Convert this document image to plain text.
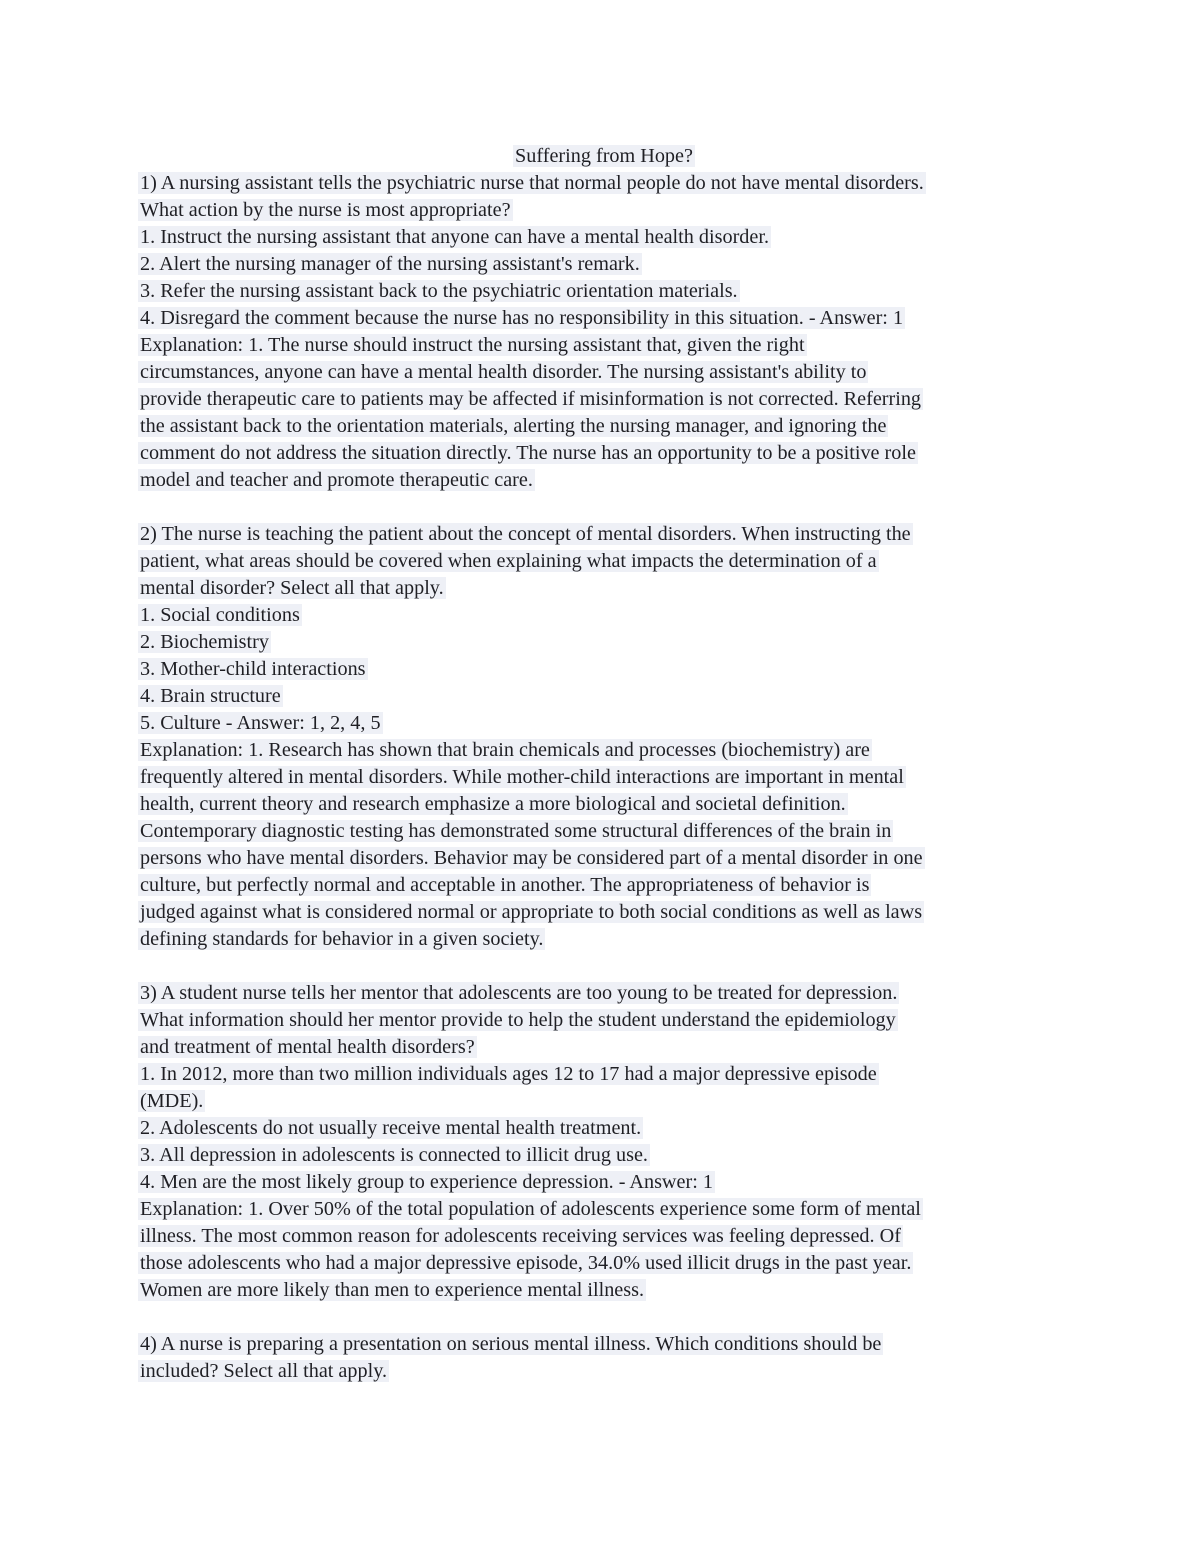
Suffering from Hope?
1) A nursing assistant tells the psychiatric nurse that normal people do not have mental disorders.
What action by the nurse is most appropriate?
1. Instruct the nursing assistant that anyone can have a mental health disorder.
2. Alert the nursing manager of the nursing assistant's remark.
3. Refer the nursing assistant back to the psychiatric orientation materials.
4. Disregard the comment because the nurse has no responsibility in this situation. - Answer: 1
Explanation: 1. The nurse should instruct the nursing assistant that, given the right
circumstances, anyone can have a mental health disorder. The nursing assistant's ability to
provide therapeutic care to patients may be affected if misinformation is not corrected. Referring
the assistant back to the orientation materials, alerting the nursing manager, and ignoring the
comment do not address the situation directly. The nurse has an opportunity to be a positive role
model and teacher and promote therapeutic care.
2) The nurse is teaching the patient about the concept of mental disorders. When instructing the
patient, what areas should be covered when explaining what impacts the determination of a
mental disorder? Select all that apply.
1. Social conditions
2. Biochemistry
3. Mother-child interactions
4. Brain structure
5. Culture - Answer: 1, 2, 4, 5
Explanation: 1. Research has shown that brain chemicals and processes (biochemistry) are
frequently altered in mental disorders. While mother-child interactions are important in mental
health, current theory and research emphasize a more biological and societal definition.
Contemporary diagnostic testing has demonstrated some structural differences of the brain in
persons who have mental disorders. Behavior may be considered part of a mental disorder in one
culture, but perfectly normal and acceptable in another. The appropriateness of behavior is
judged against what is considered normal or appropriate to both social conditions as well as laws
defining standards for behavior in a given society.
3) A student nurse tells her mentor that adolescents are too young to be treated for depression.
What information should her mentor provide to help the student understand the epidemiology
and treatment of mental health disorders?
1. In 2012, more than two million individuals ages 12 to 17 had a major depressive episode
(MDE).
2. Adolescents do not usually receive mental health treatment.
3. All depression in adolescents is connected to illicit drug use.
4. Men are the most likely group to experience depression. - Answer: 1
Explanation: 1. Over 50% of the total population of adolescents experience some form of mental
illness. The most common reason for adolescents receiving services was feeling depressed. Of
those adolescents who had a major depressive episode, 34.0% used illicit drugs in the past year.
Women are more likely than men to experience mental illness.
4) A nurse is preparing a presentation on serious mental illness. Which conditions should be
included? Select all that apply.
